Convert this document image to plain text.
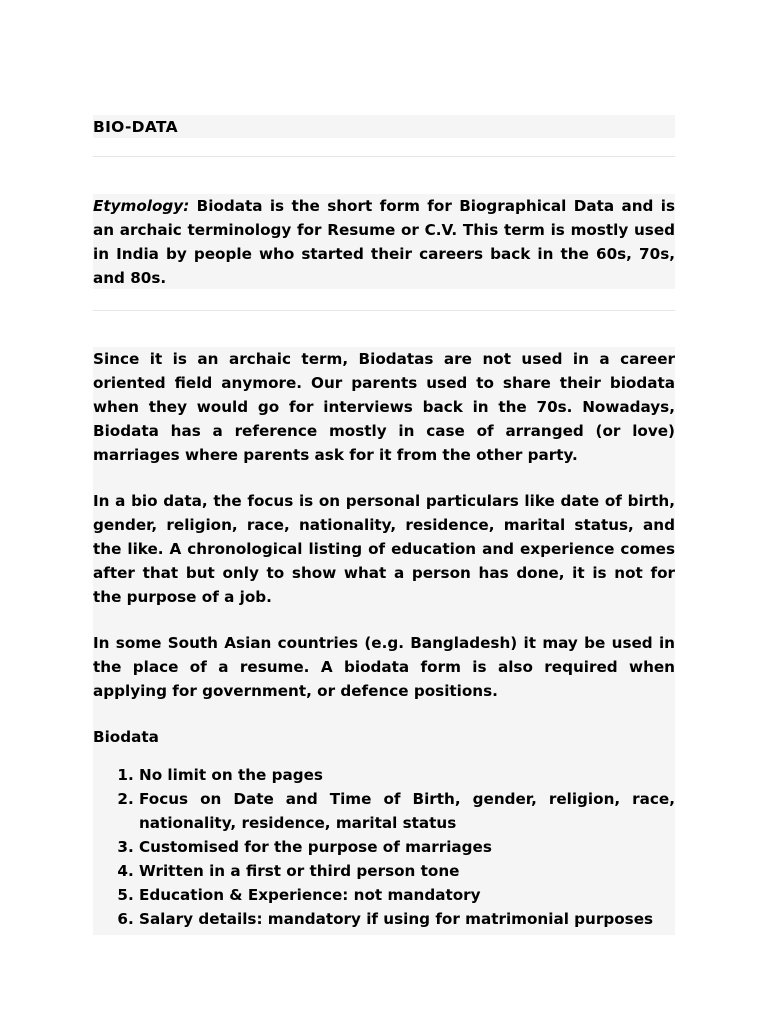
BIO-DATA

Etymology: Biodata is the short form for Biographical Data and is an archaic terminology for Resume or C.V. This term is mostly used in India by people who started their careers back in the 60s, 70s, and 80s.

Since it is an archaic term, Biodatas are not used in a career oriented field anymore. Our parents used to share their biodata when they would go for interviews back in the 70s. Nowadays, Biodata has a reference mostly in case of arranged (or love) marriages where parents ask for it from the other party.

In a bio data, the focus is on personal particulars like date of birth, gender, religion, race, nationality, residence, marital status, and the like. A chronological listing of education and experience comes after that but only to show what a person has done, it is not for the purpose of a job.

In some South Asian countries (e.g. Bangladesh) it may be used in the place of a resume. A biodata form is also required when applying for government, or defence positions.

Biodata

1. No limit on the pages
2. Focus on Date and Time of Birth, gender, religion, race, nationality, residence, marital status
3. Customised for the purpose of marriages
4. Written in a first or third person tone
5. Education & Experience: not mandatory
6. Salary details: mandatory if using for matrimonial purposes
